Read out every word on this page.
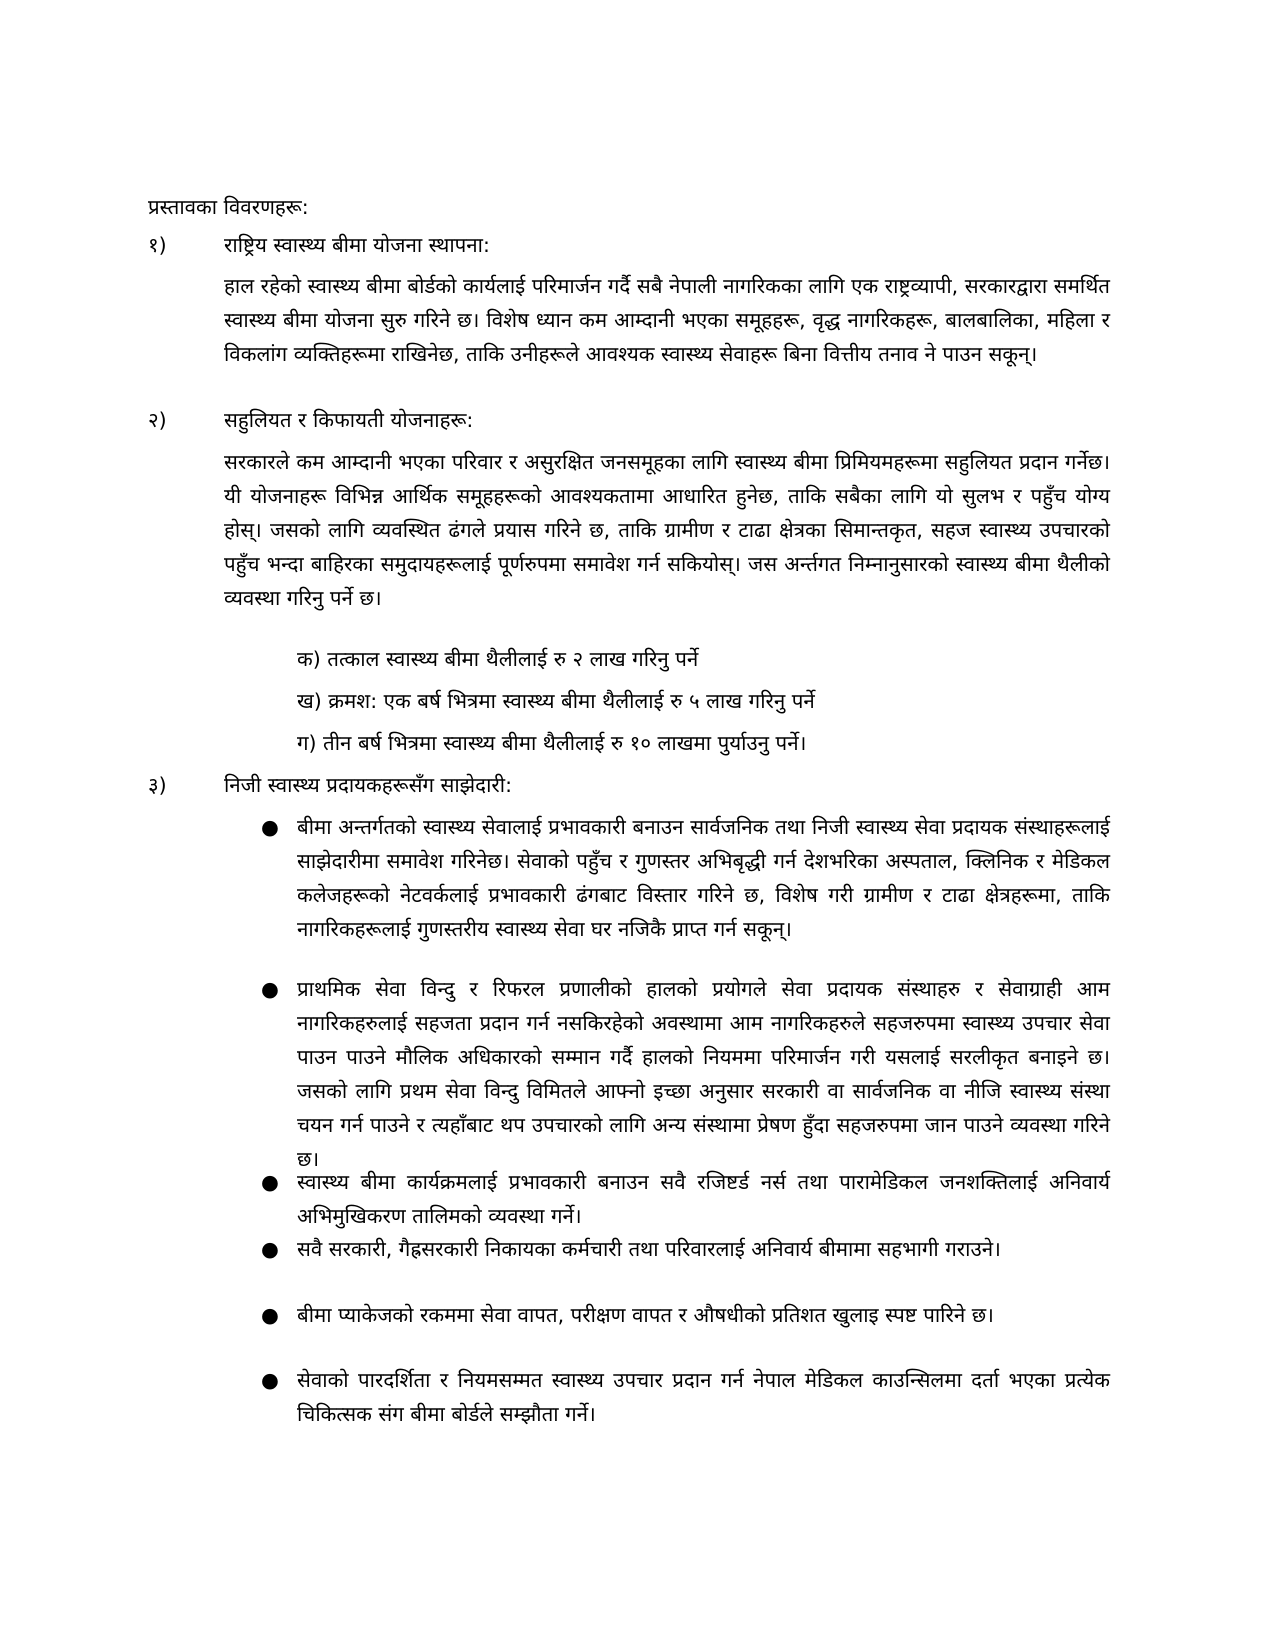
प्रस्तावका विवरणहरू:

१)	राष्ट्रिय स्वास्थ्य बीमा योजना स्थापना:

हाल रहेको स्वास्थ्य बीमा बोर्डको कार्यलाई परिमार्जन गर्दै सबै नेपाली नागरिकका लागि एक राष्ट्रव्यापी, सरकारद्वारा समर्थित स्वास्थ्य बीमा योजना सुरु गरिने छ। विशेष ध्यान कम आम्दानी भएका समूहहरू, वृद्ध नागरिकहरू, बालबालिका, महिला र विकलांग व्यक्तिहरूमा राखिनेछ, ताकि उनीहरूले आवश्यक स्वास्थ्य सेवाहरू बिना वित्तीय तनाव ने पाउन सकून्।

२)	सहुलियत र किफायती योजनाहरू:

सरकारले कम आम्दानी भएका परिवार र असुरक्षित जनसमूहका लागि स्वास्थ्य बीमा प्रिमियमहरूमा सहुलियत प्रदान गर्नेछ। यी योजनाहरू विभिन्न आर्थिक समूहहरूको आवश्यकतामा आधारित हुनेछ, ताकि सबैका लागि यो सुलभ र पहुँच योग्य होस्। जसको लागि व्यवस्थित ढंगले प्रयास गरिने छ, ताकि ग्रामीण र टाढा क्षेत्रका सिमान्तकृत, सहज स्वास्थ्य उपचारको पहुँच भन्दा बाहिरका समुदायहरूलाई पूर्णरुपमा समावेश गर्न सकियोस्। जस अर्न्तगत निम्नानुसारको स्वास्थ्य बीमा थैलीको व्यवस्था गरिनु पर्ने छ।

क) तत्काल स्वास्थ्य बीमा थैलीलाई रु २ लाख गरिनु पर्ने
ख) क्रमश: एक बर्ष भित्रमा स्वास्थ्य बीमा थैलीलाई रु ५ लाख गरिनु पर्ने
ग) तीन बर्ष भित्रमा स्वास्थ्य बीमा थैलीलाई रु १० लाखमा पुर्याउनु पर्ने।
३)	निजी स्वास्थ्य प्रदायकहरूसँग साझेदारी:
● बीमा अन्तर्गतको स्वास्थ्य सेवालाई प्रभावकारी बनाउन सार्वजनिक तथा निजी स्वास्थ्य सेवा प्रदायक संस्थाहरूलाई साझेदारीमा समावेश गरिनेछ। सेवाको पहुँच र गुणस्तर अभिबृद्धी गर्न देशभरिका अस्पताल, क्लिनिक र मेडिकल कलेजहरूको नेटवर्कलाई प्रभावकारी ढंगबाट विस्तार गरिने छ, विशेष गरी ग्रामीण र टाढा क्षेत्रहरूमा, ताकि नागरिकहरूलाई गुणस्तरीय स्वास्थ्य सेवा घर नजिकै प्राप्त गर्न सकून्।

● प्राथमिक सेवा विन्दु र रिफरल प्रणालीको हालको प्रयोगले सेवा प्रदायक संस्थाहरु र सेवाग्राही आम नागरिकहरुलाई सहजता प्रदान गर्न नसकिरहेको अवस्थामा आम नागरिकहरुले सहजरुपमा स्वास्थ्य उपचार सेवा पाउन पाउने मौलिक अधिकारको सम्मान गर्दै हालको नियममा परिमार्जन गरी यसलाई सरलीकृत बनाइने छ। जसको लागि प्रथम सेवा विन्दु विमितले आफ्नो इच्छा अनुसार सरकारी वा सार्वजनिक वा नीजि स्वास्थ्य संस्था चयन गर्न पाउने र त्यहाँबाट थप उपचारको लागि अन्य संस्थामा प्रेषण हुँदा सहजरुपमा जान पाउने व्यवस्था गरिने छ।

● स्वास्थ्य बीमा कार्यक्रमलाई प्रभावकारी बनाउन सवै रजिष्टर्ड नर्स तथा पारामेडिकल जनशक्तिलाई अनिवार्य अभिमुखिकरण तालिमको व्यवस्था गर्ने।

● सवै सरकारी, गैह्रसरकारी निकायका कर्मचारी तथा परिवारलाई अनिवार्य बीमामा सहभागी गराउने।

● बीमा प्याकेजको रकममा सेवा वापत, परीक्षण वापत र औषधीको प्रतिशत खुलाइ स्पष्ट पारिने छ।

● सेवाको पारदर्शिता र नियमसम्मत स्वास्थ्य उपचार प्रदान गर्न नेपाल मेडिकल काउन्सिलमा दर्ता भएका प्रत्येक चिकित्सक संग बीमा बोर्डले सम्झौता गर्ने।
